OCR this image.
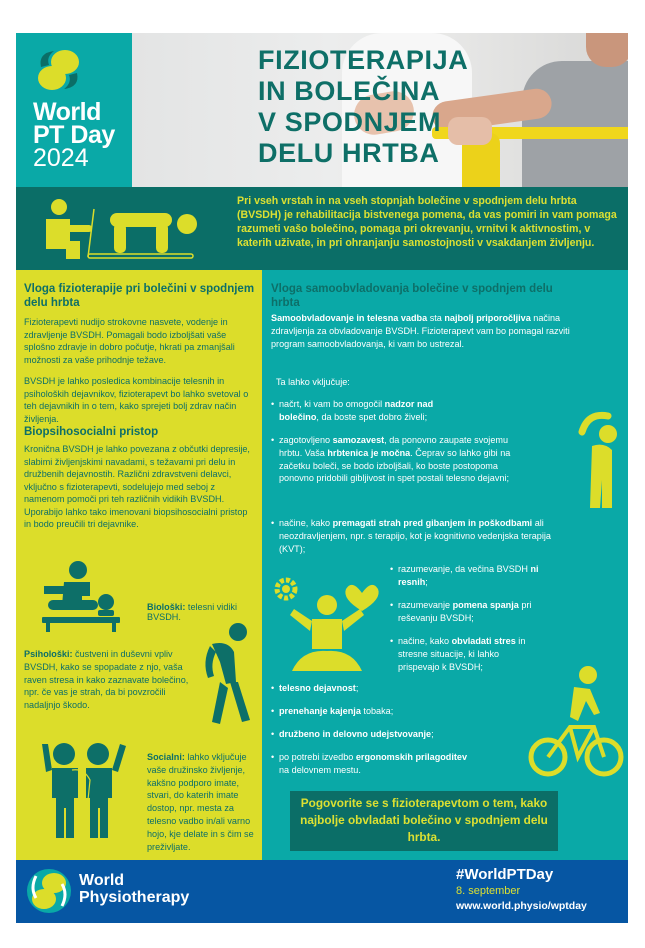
World
PT Day
2024
FIZIOTERAPIJA
IN BOLEČINA
V SPODNJEM
DELU HRTBA
Pri vseh vrstah in na vseh stopnjah bolečine v spodnjem delu hrbta (BVSDH) je rehabilitacija bistvenega pomena, da vas pomiri in vam pomaga razumeti vašo bolečino, pomaga pri okrevanju, vrnitvi k aktivnostim, v katerih uživate, in pri ohranjanju samostojnosti v vsakdanjem življenju.
Vloga fizioterapije pri bolečini v spodnjem delu hrbta
Fizioterapevti nudijo strokovne nasvete, vodenje in zdravljenje BVSDH. Pomagali bodo izboljšati vaše splošno zdravje in dobro počutje, hkrati pa zmanjšali možnosti za vaše prihodnje težave.
BVSDH je lahko posledica kombinacije telesnih in psiholoških dejavnikov, fizioterapevt bo lahko svetoval o teh dejavnikih in o tem, kako sprejeti bolj zdrav način življenja.
Biopsihosocialni pristop
Kronična BVSDH je lahko povezana z občutki depresije, slabimi življenjskimi navadami, s težavami pri delu in družbenih dejavnostih. Različni zdravstveni delavci, vključno s fizioterapevti, sodelujejo med seboj z namenom pomoči pri teh različnih vidikih BVSDH. Uporabijo lahko tako imenovani biopsihosocialni pristop in bodo preučili tri dejavnike.
Biološki: telesni vidiki BVSDH.
Psihološki: čustveni in duševni vpliv BVSDH, kako se spopadate z njo, vaša raven stresa in kako zaznavate bolečino, npr. če vas je strah, da bi povzročili nadaljnjo škodo.
Socialni: lahko vključuje vaše družinsko življenje, kakšno podporo imate, stvari, do katerih imate dostop, npr. mesta za telesno vadbo in/ali varno hojo, kje delate in s čim se preživljate.
Vloga samoobvladovanja bolečine v spodnjem delu hrbta
Samoobvladovanje in telesna vadba sta najbolj priporočljiva načina zdravljenja za obvladovanje BVSDH. Fizioterapevt vam bo pomagal razviti program samoobvladovanja, ki vam bo ustrezal.
Ta lahko vključuje:
• načrt, ki vam bo omogočil nadzor nad bolečino, da boste spet dobro živeli;
• zagotovljeno samozavest, da ponovno zaupate svojemu hrbtu. Vaša hrbtenica je močna. Čeprav so lahko gibi na začetku boleči, se bodo izboljšali, ko boste postopoma ponovno pridobili gibljivost in spet postali telesno dejavni;
• načine, kako premagati strah pred gibanjem in poškodbami ali neozdravljenjem, npr. s terapijo, kot je kognitivno vedenjska terapija (KVT);
• razumevanje, da večina BVSDH ni resnih;
• razumevanje pomena spanja pri reševanju BVSDH;
• načine, kako obvladati stres in stresne situacije, ki lahko prispevajo k BVSDH;
• telesno dejavnost;
• prenehanje kajenja tobaka;
• družbeno in delovno udejstvovanje;
• po potrebi izvedbo ergonomskih prilagoditev na delovnem mestu.
Pogovorite se s fizioterapevtom o tem, kako najbolje obvladati bolečino v spodnjem delu hrbta.
World
Physiotherapy
#WorldPTDay
8. september
www.world.physio/wptday
